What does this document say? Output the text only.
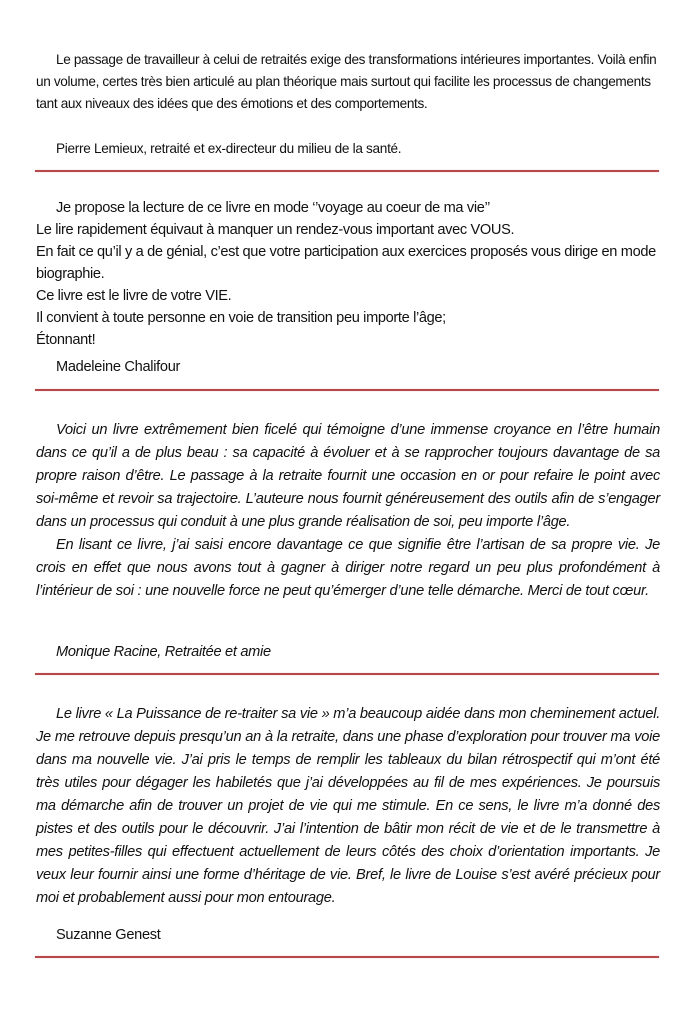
Le passage de travailleur à celui de retraités exige des transformations intérieures importantes. Voilà enfin un volume, certes très bien articulé au plan théorique mais surtout qui facilite les processus de changements tant aux niveaux des idées que des émotions et des comportements.

Pierre Lemieux, retraité et ex-directeur du milieu de la santé.

Je propose la lecture de ce livre en mode ‘’voyage au coeur de ma vie’’

Le lire rapidement équivaut à manquer un rendez-vous important avec VOUS.

En fait ce qu’il y a de génial, c’est que votre participation aux exercices proposés vous dirige en mode biographie.

Ce livre est le livre de votre VIE.

Il convient à toute personne en voie de transition peu importe l’âge;

Étonnant!

Madeleine Chalifour

Voici un livre extrêmement bien ficelé qui témoigne d’une immense croyance en l’être humain dans ce qu’il a de plus beau : sa capacité à évoluer et à se rapprocher toujours davantage de sa propre raison d’être. Le passage à la retraite fournit une occasion en or pour refaire le point avec soi-même et revoir sa trajectoire. L’auteure nous fournit généreusement des outils afin de s’engager dans un processus qui conduit à une plus grande réalisation de soi, peu importe l’âge.

En lisant ce livre, j’ai saisi encore davantage ce que signifie être l’artisan de sa propre vie. Je crois en effet que nous avons tout à gagner à diriger notre regard un peu plus profondément à l’intérieur de soi : une nouvelle force ne peut qu’émerger d’une telle démarche. Merci de tout cœur.

Monique Racine, Retraitée et amie

Le livre « La Puissance de re-traiter sa vie » m’a beaucoup aidée dans mon cheminement actuel. Je me retrouve depuis presqu’un an à la retraite, dans une phase d’exploration pour trouver ma voie dans ma nouvelle vie. J’ai pris le temps de remplir les tableaux du bilan rétrospectif qui m’ont été très utiles pour dégager les habiletés que j’ai développées au fil de mes expériences. Je poursuis ma démarche afin de trouver un projet de vie qui me stimule. En ce sens, le livre m’a donné des pistes et des outils pour le découvrir. J’ai l’intention de bâtir mon récit de vie et de le transmettre à mes petites-filles qui effectuent actuellement de leurs côtés des choix d’orientation importants. Je veux leur fournir ainsi une forme d’héritage de vie. Bref, le livre de Louise s’est avéré précieux pour moi et probablement aussi pour mon entourage.

Suzanne Genest
